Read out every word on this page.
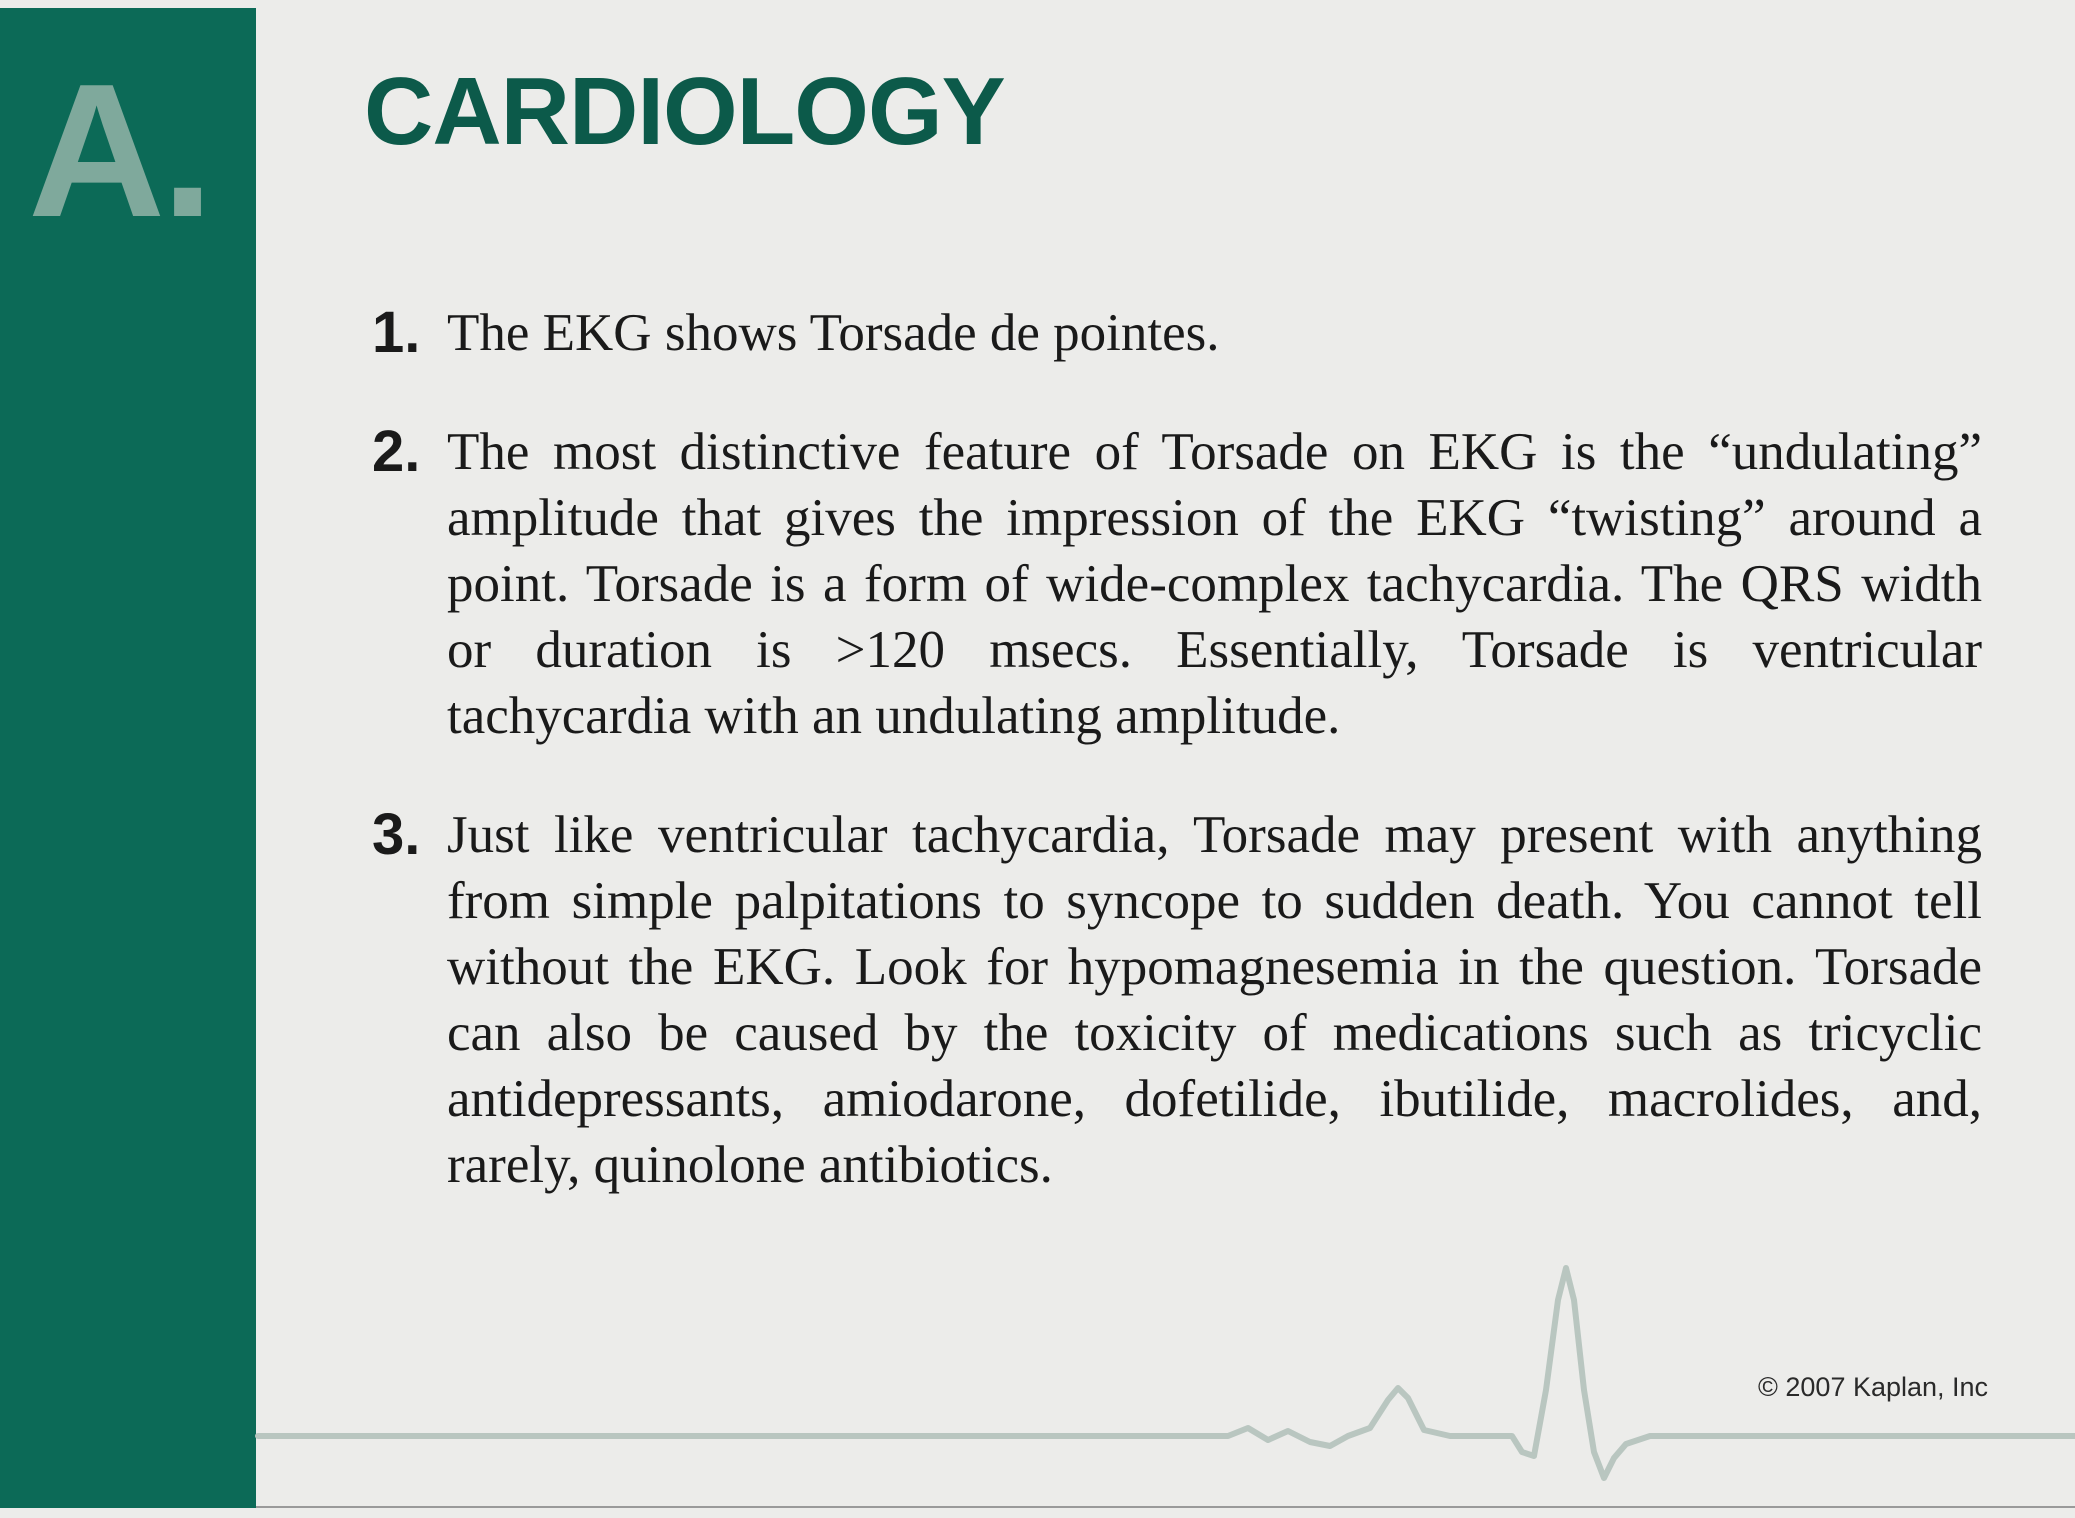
A. CARDIOLOGY
1. The EKG shows Torsade de pointes.
2. The most distinctive feature of Torsade on EKG is the “undulating” amplitude that gives the impression of the EKG “twisting” around a point. Torsade is a form of wide-complex tachycardia. The QRS width or duration is >120 msecs. Essentially, Torsade is ventricular tachycardia with an undulating amplitude.
3. Just like ventricular tachycardia, Torsade may present with anything from simple palpitations to syncope to sudden death. You cannot tell without the EKG. Look for hypomagnesemia in the question. Torsade can also be caused by the toxicity of medications such as tricyclic antidepressants, amiodarone, dofetilide, ibutilide, macrolides, and, rarely, quinolone antibiotics.
© 2007 Kaplan, Inc
